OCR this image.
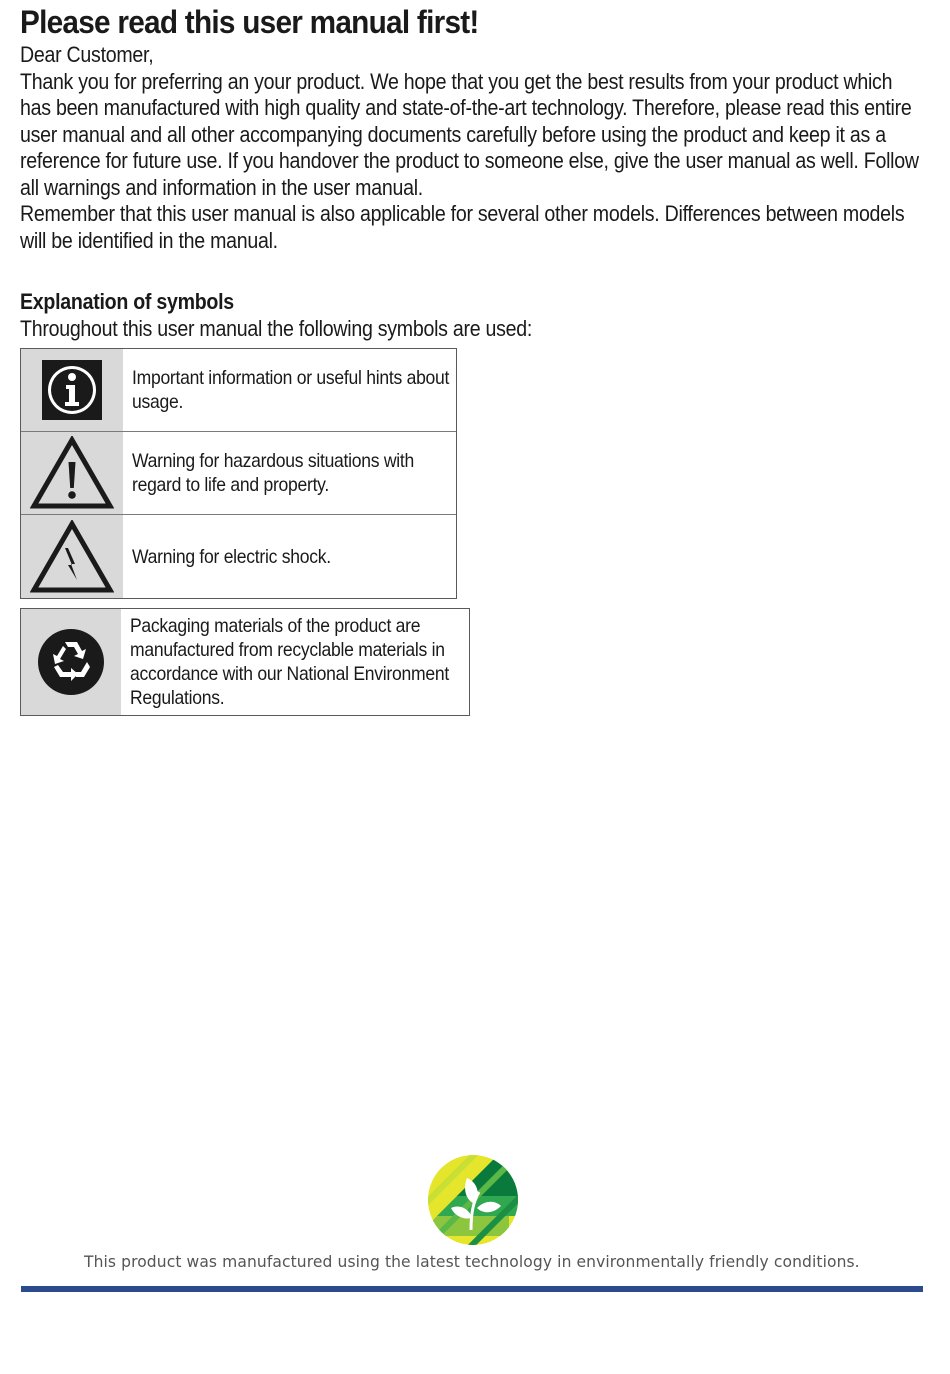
Please read this user manual first!

Dear Customer,

Thank you for preferring an your product. We hope that you get the best results from your product which has been manufactured with high quality and state-of-the-art technology. Therefore, please read this entire user manual and all other accompanying documents carefully before using the product and keep it as a reference for future use. If you handover the product to someone else, give the user manual as well. Follow all warnings and information in the user manual.

Remember that this user manual is also applicable for several other models. Differences between models will be identified in the manual.

Explanation of symbols

Throughout this user manual the following symbols are used:

Important information or useful hints about usage.
Warning for hazardous situations with regard to life and property.
Warning for electric shock.
Packaging materials of the product are manufactured from recyclable materials in accordance with our National Environment Regulations.
This product was manufactured using the latest technology in environmentally friendly conditions.
